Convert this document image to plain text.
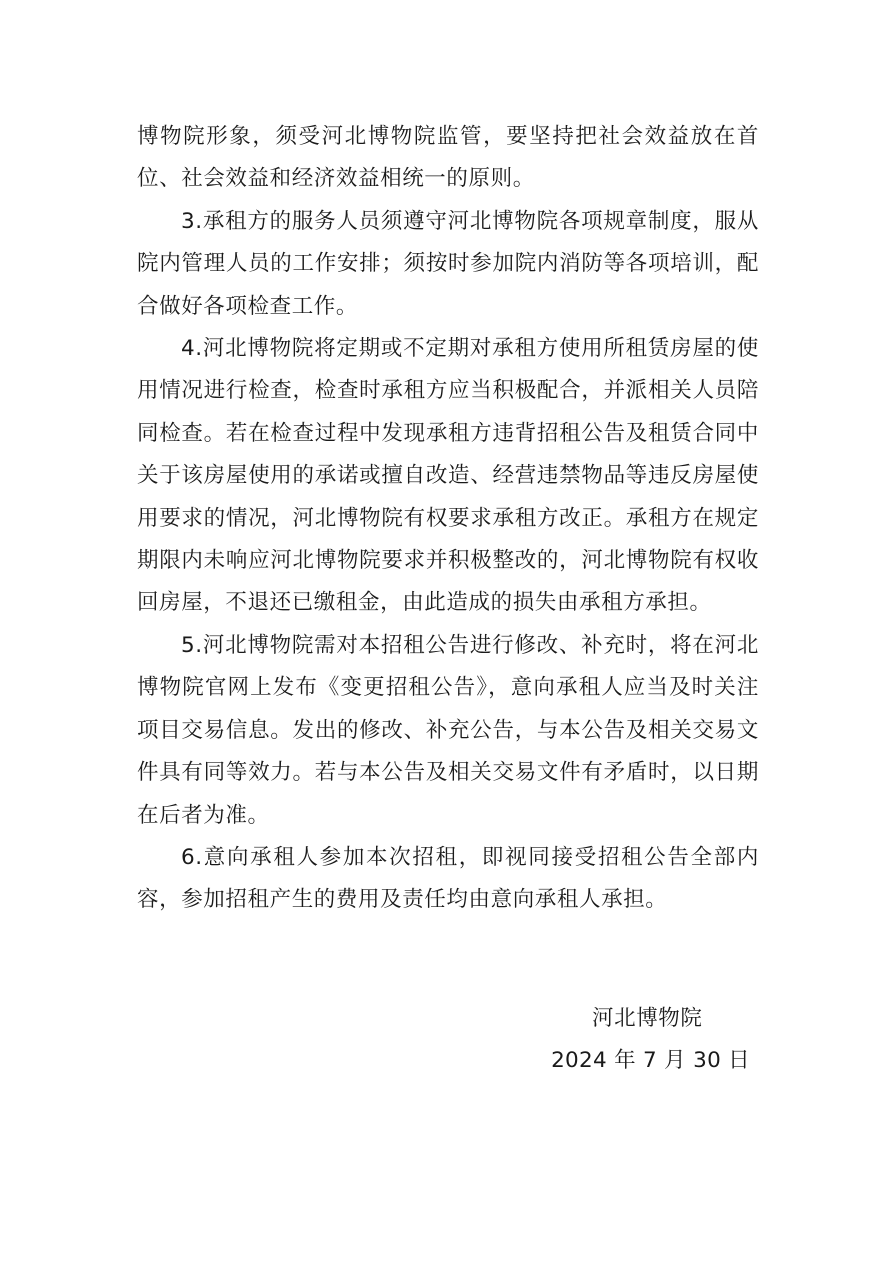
博物院形象，须受河北博物院监管，要坚持把社会效益放在首位、社会效益和经济效益相统一的原则。

3.承租方的服务人员须遵守河北博物院各项规章制度，服从院内管理人员的工作安排；须按时参加院内消防等各项培训，配合做好各项检查工作。

4.河北博物院将定期或不定期对承租方使用所租赁房屋的使用情况进行检查，检查时承租方应当积极配合，并派相关人员陪同检查。若在检查过程中发现承租方违背招租公告及租赁合同中关于该房屋使用的承诺或擅自改造、经营违禁物品等违反房屋使用要求的情况，河北博物院有权要求承租方改正。承租方在规定期限内未响应河北博物院要求并积极整改的，河北博物院有权收回房屋，不退还已缴租金，由此造成的损失由承租方承担。

5.河北博物院需对本招租公告进行修改、补充时，将在河北博物院官网上发布《变更招租公告》，意向承租人应当及时关注项目交易信息。发出的修改、补充公告，与本公告及相关交易文件具有同等效力。若与本公告及相关交易文件有矛盾时，以日期在后者为准。

6.意向承租人参加本次招租，即视同接受招租公告全部内容，参加招租产生的费用及责任均由意向承租人承担。

河北博物院
2024 年 7 月 30 日
